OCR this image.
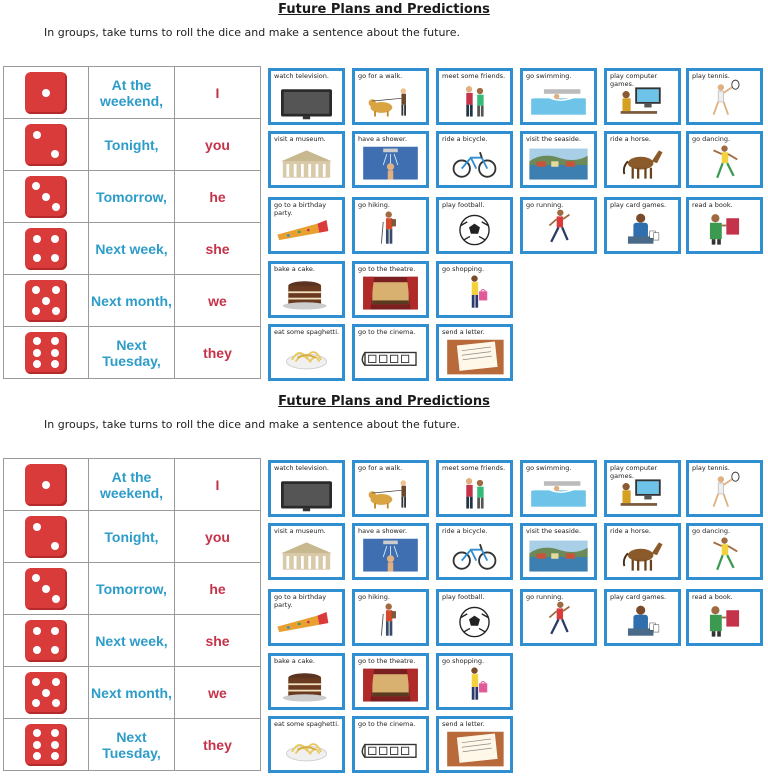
Future Plans and Predictions
In groups, take turns to roll the dice and make a sentence about the future.
	At the weekend,	I

	Tonight,	you

	Tomorrow,	he

	Next week,	she

	Next month,	we

	Next Tuesday,	they
watch television.	go for a walk.	meet some friends.	go swimming.	play computer games.
play tennis.
visit a museum.	have a shower.	ride a bicycle.	visit the seaside.	ride a horse.	go dancing.
go to a birthday party.
go hiking.	play football.	go running.	play card games.	read a book.
bake a cake.	go to the theatre.	go shopping.
eat some spaghetti.	go to the cinema.	send a letter.
Future Plans and Predictions
In groups, take turns to roll the dice and make a sentence about the future.
	At the weekend,	I

	Tonight,	you

	Tomorrow,	he

	Next week,	she

	Next month,	we

	Next Tuesday,	they
watch television.	go for a walk.	meet some friends.	go swimming.	play computer games.
play tennis.
visit a museum.	have a shower.	ride a bicycle.	visit the seaside.	ride a horse.	go dancing.
go to a birthday party.
go hiking.	play football.	go running.	play card games.	read a book.
bake a cake.	go to the theatre.	go shopping.
eat some spaghetti.	go to the cinema.	send a letter.
